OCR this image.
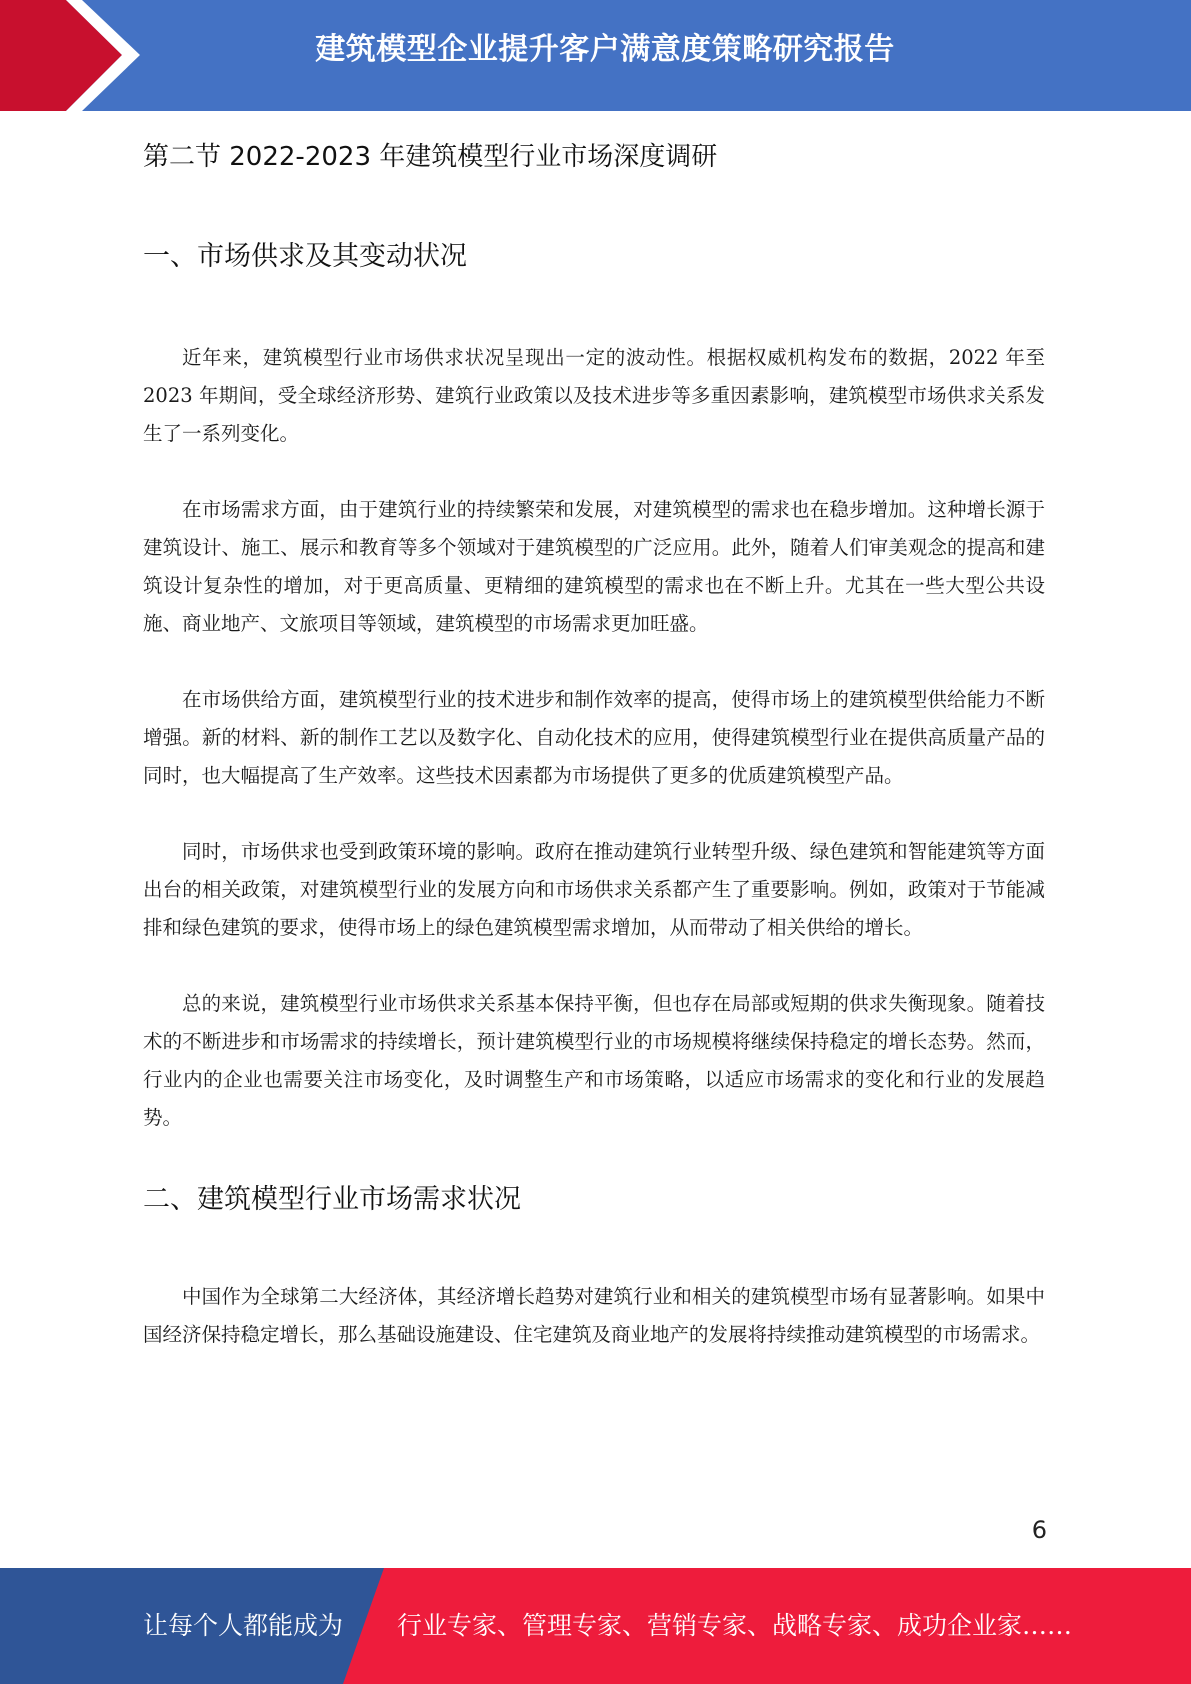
建筑模型企业提升客户满意度策略研究报告
第二节 2022-2023 年建筑模型行业市场深度调研
一、市场供求及其变动状况

近年来，建筑模型行业市场供求状况呈现出一定的波动性。根据权威机构发布的数据，2022 年至 2023 年期间，受全球经济形势、建筑行业政策以及技术进步等多重因素影响，建筑模型市场供求关系发生了一系列变化。

在市场需求方面，由于建筑行业的持续繁荣和发展，对建筑模型的需求也在稳步增加。这种增长源于建筑设计、施工、展示和教育等多个领域对于建筑模型的广泛应用。此外，随着人们审美观念的提高和建筑设计复杂性的增加，对于更高质量、更精细的建筑模型的需求也在不断上升。尤其在一些大型公共设施、商业地产、文旅项目等领域，建筑模型的市场需求更加旺盛。

在市场供给方面，建筑模型行业的技术进步和制作效率的提高，使得市场上的建筑模型供给能力不断增强。新的材料、新的制作工艺以及数字化、自动化技术的应用，使得建筑模型行业在提供高质量产品的同时，也大幅提高了生产效率。这些技术因素都为市场提供了更多的优质建筑模型产品。

同时，市场供求也受到政策环境的影响。政府在推动建筑行业转型升级、绿色建筑和智能建筑等方面出台的相关政策，对建筑模型行业的发展方向和市场供求关系都产生了重要影响。例如，政策对于节能减排和绿色建筑的要求，使得市场上的绿色建筑模型需求增加，从而带动了相关供给的增长。

总的来说，建筑模型行业市场供求关系基本保持平衡，但也存在局部或短期的供求失衡现象。随着技术的不断进步和市场需求的持续增长，预计建筑模型行业的市场规模将继续保持稳定的增长态势。然而，行业内的企业也需要关注市场变化，及时调整生产和市场策略，以适应市场需求的变化和行业的发展趋势。

二、建筑模型行业市场需求状况

中国作为全球第二大经济体，其经济增长趋势对建筑行业和相关的建筑模型市场有显著影响。如果中国经济保持稳定增长，那么基础设施建设、住宅建筑及商业地产的发展将持续推动建筑模型的市场需求。

6
让每个人都能成为 行业专家、管理专家、营销专家、战略专家、成功企业家……
